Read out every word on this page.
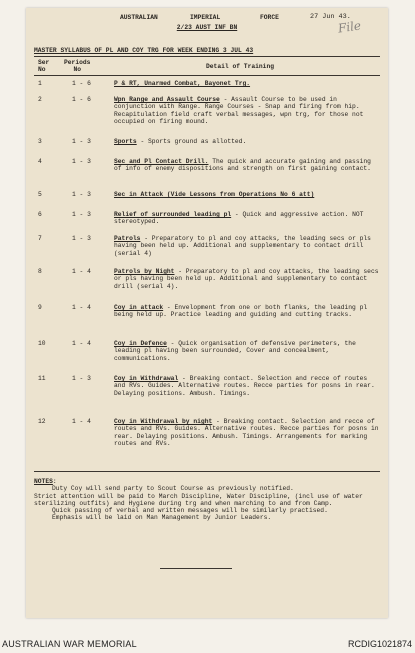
AUSTRALIAN	IMPERIAL	FORCE	27 Jun 43.
File
2/23 AUST INF BN
MASTER SYLLABUS OF PL AND COY TRG FOR WEEK ENDING 3 JUL 43
Ser
No
Periods
No	Detail of Training
1	1 - 6	P & RT, Unarmed Combat, Bayonet Trg.
2	1 - 6	Wpn Range and Assault Course - Assault Course to be used in conjunction with Range. Range Courses - Snap and firing from hip. Recapitulation field craft verbal messages, wpn trg, for those not occupied on firing mound.
3	1 - 3	Sports - Sports ground as allotted.
4	1 - 3	Sec and Pl Contact Drill. The quick and accurate gaining and passing of info of enemy dispositions and strength on first gaining contact.
5	1 - 3	Sec in Attack (Vide Lessons from Operations No 6 att)
6	1 - 3	Relief of surrounded leading pl - Quick and aggressive action. NOT stereotyped.
7	1 - 3	Patrols - Preparatory to pl and coy attacks, the leading secs or pls having been held up. Additional and supplementary to contact drill (serial 4)
8	1 - 4	Patrols by Night - Preparatory to pl and coy attacks, the leading secs or pls having been held up. Additional and supplementary to contact drill (serial 4).
9	1 - 4	Coy in attack - Envelopment from one or both flanks, the leading pl being held up. Practice leading and guiding and cutting tracks.
10	1 - 4	Coy in Defence - Quick organisation of defensive perimeters, the leading pl having been surrounded, Cover and concealment, communications.
11	1 - 3	Coy in Withdrawal - Breaking contact. Selection and recce of routes and RVs. Guides. Alternative routes. Recce parties for posns in rear. Delaying positions. Ambush. Timings.
12	1 - 4	Coy in Withdrawal by night - Breaking contact. Selection and recce of routes and RVs. Guides. Alternative routes. Recce parties for posns in rear. Delaying positions. Ambush. Timings. Arrangements for marking routes and RVs.
NOTES:
Duty Coy will send party to Scout Course as previously notified.
Strict attention will be paid to March Discipline, Water Discipline, (incl use of water sterilizing outfits) and Hygiene during trg and when marching to and from Camp.
Quick passing of verbal and written messages will be similarly practised.
Emphasis will be laid on Man Management by Junior Leaders.
AUSTRALIAN WAR MEMORIAL	RCDIG1021874
